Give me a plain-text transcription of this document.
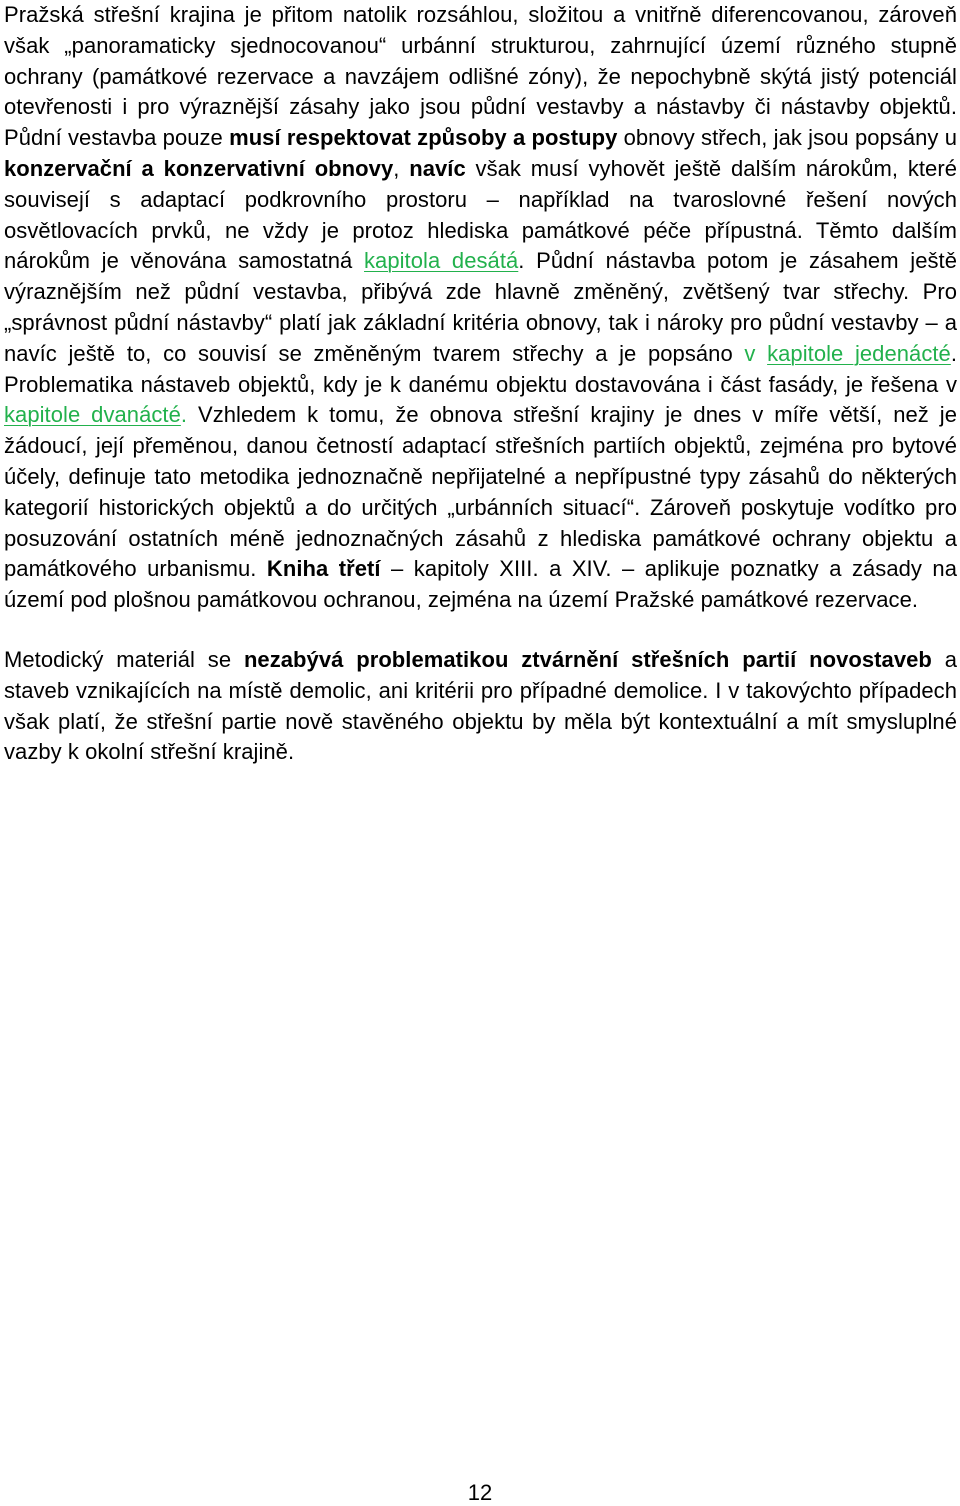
Pražská střešní krajina je přitom natolik rozsáhlou, složitou a vnitřně diferencovanou, zároveň však „panoramaticky sjednocovanou“ urbánní strukturou, zahrnující území různého stupně ochrany (památkové rezervace a navzájem odlišné zóny), že nepochybně skýtá jistý potenciál otevřenosti i pro výraznější zásahy jako jsou půdní vestavby a nástavby či nástavby objektů. Půdní vestavba pouze musí respektovat způsoby a postupy obnovy střech, jak jsou popsány u konzervační a konzervativní obnovy, navíc však musí vyhovět ještě dalším nárokům, které souvisejí s adaptací podkrovního prostoru – například na tvaroslovné řešení nových osvětlovacích prvků, ne vždy je protoz hlediska památkové péče přípustná. Těmto dalším nárokům je věnována samostatná kapitola desátá. Půdní nástavba potom je zásahem ještě výraznějším než půdní vestavba, přibývá zde hlavně změněný, zvětšený tvar střechy. Pro „správnost půdní nástavby“ platí jak základní kritéria obnovy, tak i nároky pro půdní vestavby – a navíc ještě to, co souvisí se změněným tvarem střechy a je popsáno v kapitole jedenácté. Problematika nástaveb objektů, kdy je k danému objektu dostavována i část fasády, je řešena v kapitole dvanácté. Vzhledem k tomu, že obnova střešní krajiny je dnes v míře větší, než je žádoucí, její přeměnou, danou četností adaptací střešních partiích objektů, zejména pro bytové účely, definuje tato metodika jednoznačně nepřijatelné a nepřípustné typy zásahů do některých kategorií historických objektů a do určitých „urbánních situací“. Zároveň poskytuje vodítko pro posuzování ostatních méně jednoznačných zásahů z hlediska památkové ochrany objektu a památkového urbanismu. Kniha třetí – kapitoly XIII. a XIV. – aplikuje poznatky a zásady na území pod plošnou památkovou ochranou, zejména na území Pražské památkové rezervace.

Metodický materiál se nezabývá problematikou ztvárnění střešních partií novostaveb a staveb vznikajících na místě demolic, ani kritérii pro případné demolice. I v takovýchto případech však platí, že střešní partie nově stavěného objektu by měla být kontextuální a mít smysluplné vazby k okolní střešní krajině.

12
